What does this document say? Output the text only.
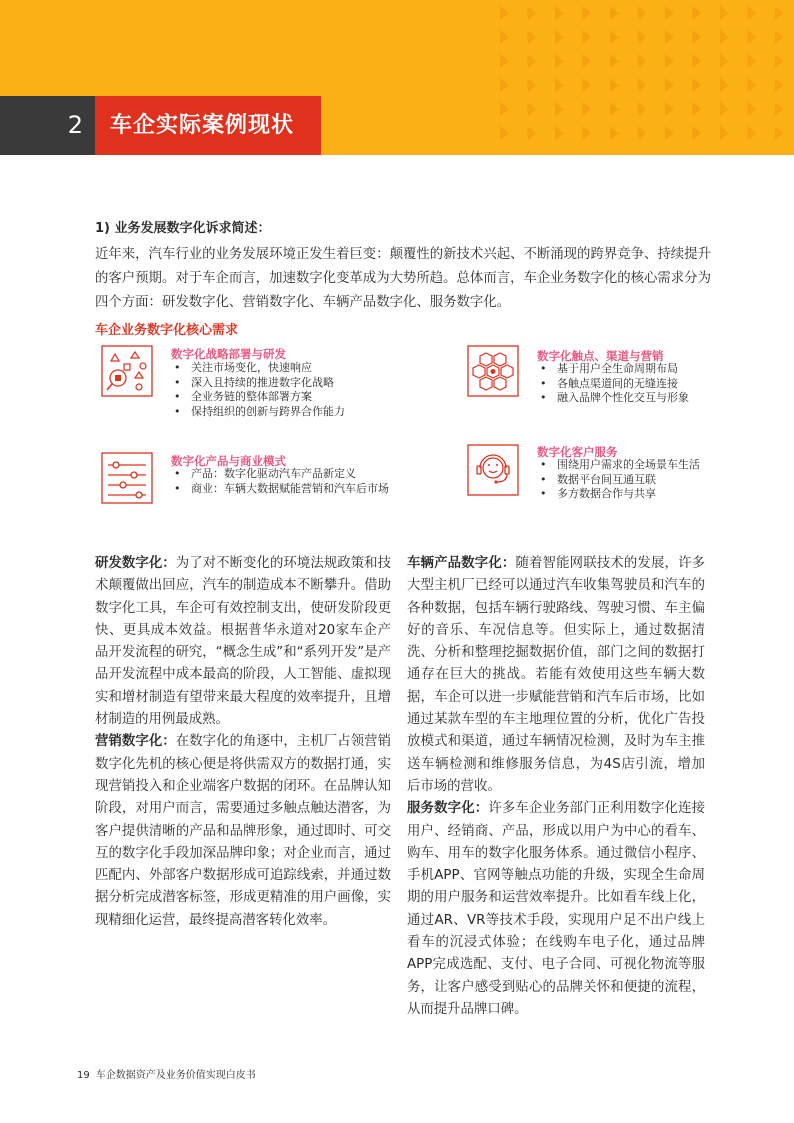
2	车企实际案例现状
1) 业务发展数字化诉求简述：
近年来，汽车行业的业务发展环境正发生着巨变：颠覆性的新技术兴起、不断涌现的跨界竞争、持续提升的客户预期。对于车企而言，加速数字化变革成为大势所趋。总体而言，车企业务数字化的核心需求分为四个方面：研发数字化、营销数字化、车辆产品数字化、服务数字化。
车企业务数字化核心需求
数字化战略部署与研发
• 关注市场变化，快速响应
• 深入且持续的推进数字化战略
• 全业务链的整体部署方案
• 保持组织的创新与跨界合作能力
数字化触点、渠道与营销
• 基于用户全生命周期布局
• 各触点渠道间的无缝连接
• 融入品牌个性化交互与形象
数字化产品与商业模式
• 产品：数字化驱动汽车产品新定义
• 商业：车辆大数据赋能营销和汽车后市场
数字化客户服务
• 围绕用户需求的全场景车生活
• 数据平台间互通互联
• 多方数据合作与共享

研发数字化：为了对不断变化的环境法规政策和技术颠覆做出回应，汽车的制造成本不断攀升。借助数字化工具，车企可有效控制支出，使研发阶段更快、更具成本效益。根据普华永道对20家车企产品开发流程的研究，“概念生成”和“系列开发”是产品开发流程中成本最高的阶段，人工智能、虚拟现实和增材制造有望带来最大程度的效率提升，且增材制造的用例最成熟。

营销数字化：在数字化的角逐中，主机厂占领营销数字化先机的核心便是将供需双方的数据打通，实现营销投入和企业端客户数据的闭环。在品牌认知阶段，对用户而言，需要通过多触点触达潜客，为客户提供清晰的产品和品牌形象，通过即时、可交互的数字化手段加深品牌印象；对企业而言，通过匹配内、外部客户数据形成可追踪线索，并通过数据分析完成潜客标签，形成更精准的用户画像，实现精细化运营，最终提高潜客转化效率。

车辆产品数字化：随着智能网联技术的发展，许多大型主机厂已经可以通过汽车收集驾驶员和汽车的各种数据，包括车辆行驶路线、驾驶习惯、车主偏好的音乐、车况信息等。但实际上，通过数据清洗、分析和整理挖掘数据价值，部门之间的数据打通存在巨大的挑战。若能有效使用这些车辆大数据，车企可以进一步赋能营销和汽车后市场，比如通过某款车型的车主地理位置的分析，优化广告投放模式和渠道，通过车辆情况检测，及时为车主推送车辆检测和维修服务信息，为4S店引流，增加后市场的营收。

服务数字化：许多车企业务部门正利用数字化连接用户、经销商、产品，形成以用户为中心的看车、购车、用车的数字化服务体系。通过微信小程序、手机APP、官网等触点功能的升级，实现全生命周期的用户服务和运营效率提升。比如看车线上化，通过AR、VR等技术手段，实现用户足不出户线上看车的沉浸式体验；在线购车电子化，通过品牌APP完成选配、支付、电子合同、可视化物流等服务，让客户感受到贴心的品牌关怀和便捷的流程，从而提升品牌口碑。

19 车企数据资产及业务价值实现白皮书
